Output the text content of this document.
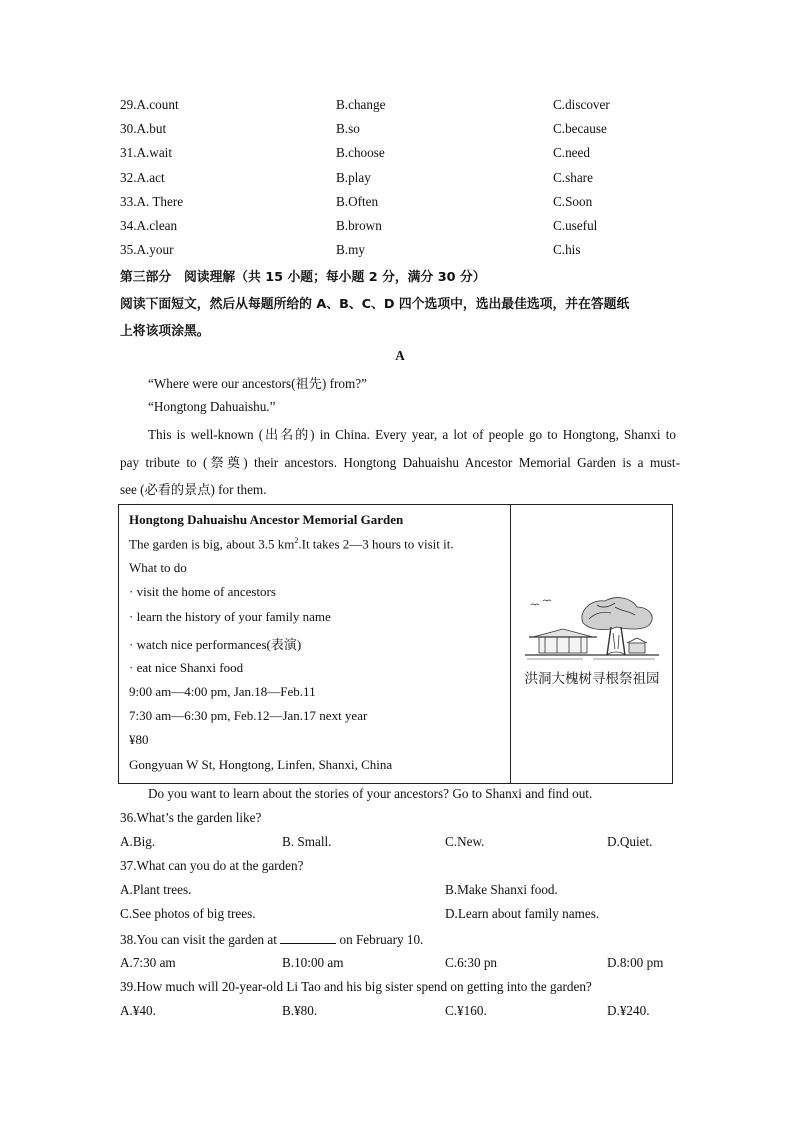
29.A.count	B.change	C.discover
30.A.but	B.so	C.because
31.A.wait	B.choose	C.need
32.A.act	B.play	C.share
33.A. There	B.Often	C.Soon
34.A.clean	B.brown	C.useful
35.A.your	B.my	C.his
第三部分　阅读理解（共 15 小题；每小题 2 分，满分 30 分）
阅读下面短文，然后从每题所给的 A、B、C、D 四个选项中，选出最佳选项，并在答题纸
上将该项涂黑。
A
“Where were our ancestors(祖先) from?”
“Hongtong Dahuaishu.”
This is well-known (出名的) in China. Every year, a lot of people go to Hongtong, Shanxi to
pay tribute to (祭奠) their ancestors. Hongtong Dahuaishu Ancestor Memorial Garden is a must-
see (必看的景点) for them.
Hongtong Dahuaishu Ancestor Memorial Garden
The garden is big, about 3.5 $km^2.It$ takes 2—3 hours to visit it.
What to do
· visit the home of ancestors
· learn the history of your family name
· watch nice performances(表演)
· eat nice Shanxi food
9:00 am—4:00 pm, Jan.18—Feb.11
7:30 am—6:30 pm, Feb.12—Jan.17 next year
¥80
Gongyuan W St, Hongtong, Linfen, Shanxi, China
洪洞大槐树寻根祭祖园
Do you want to learn about the stories of your ancestors? Go to Shanxi and find out.
36.What’s the garden like?
A.Big.	B. Small.	C.New.	D.Quiet.
37.What can you do at the garden?
A.Plant trees.	B.Make Shanxi food.
C.See photos of big trees.	D.Learn about family names.
38.You can visit the garden at	on February 10.
A.7:30 am	B.10:00 am	C.6:30 pn	D.8:00 pm
39.How much will 20-year-old Li Tao and his big sister spend on getting into the garden?
A.¥40.	B.¥80.	C.¥160.	D.¥240.
